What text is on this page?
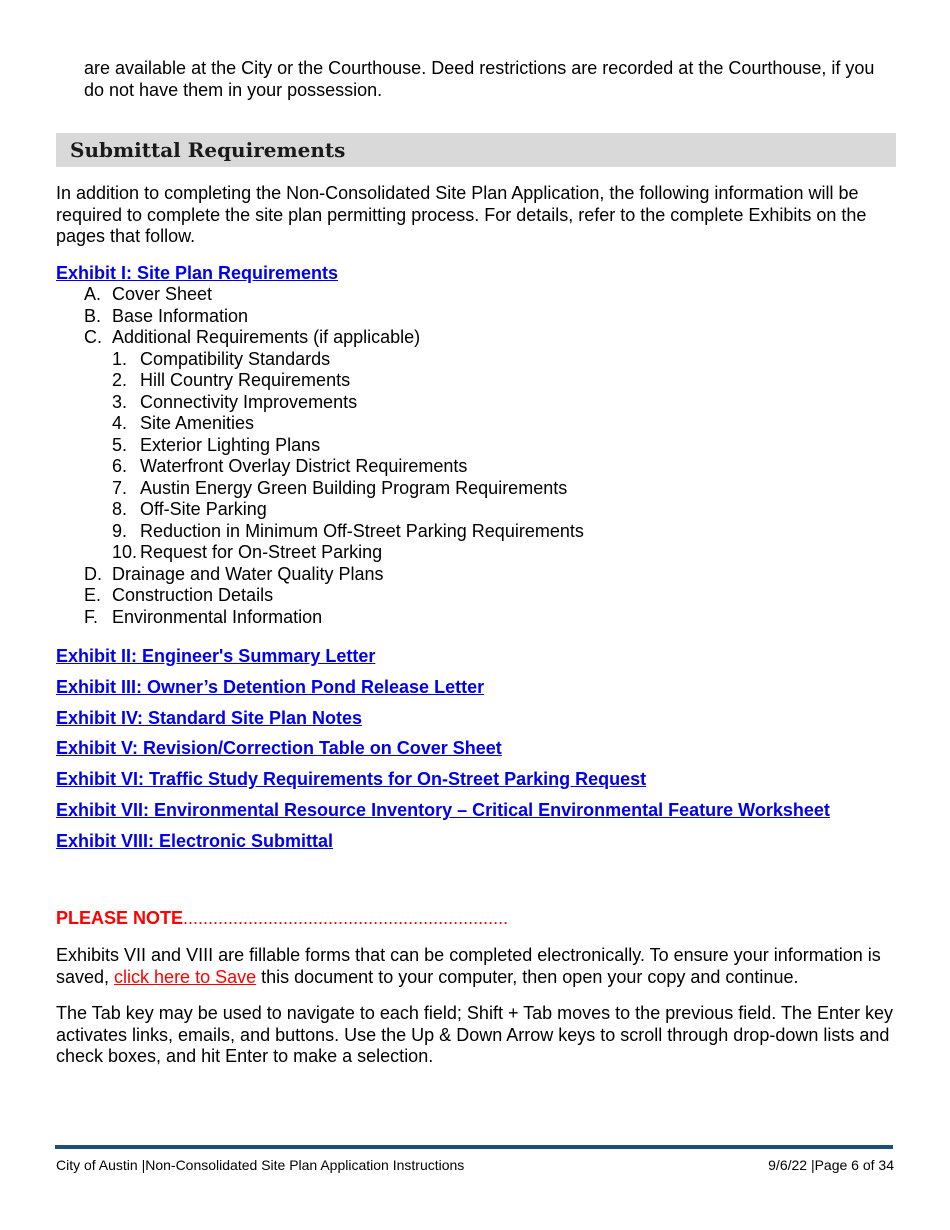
are available at the City or the Courthouse. Deed restrictions are recorded at the Courthouse, if you do not have them in your possession.
Submittal Requirements
In addition to completing the Non-Consolidated Site Plan Application, the following information will be required to complete the site plan permitting process. For details, refer to the complete Exhibits on the pages that follow.
Exhibit I: Site Plan Requirements
A. Cover Sheet
B. Base Information
C. Additional Requirements (if applicable)
1. Compatibility Standards
2. Hill Country Requirements
3. Connectivity Improvements
4. Site Amenities
5. Exterior Lighting Plans
6. Waterfront Overlay District Requirements
7. Austin Energy Green Building Program Requirements
8. Off-Site Parking
9. Reduction in Minimum Off-Street Parking Requirements
10. Request for On-Street Parking
D. Drainage and Water Quality Plans
E. Construction Details
F. Environmental Information
Exhibit II: Engineer's Summary Letter
Exhibit III: Owner’s Detention Pond Release Letter
Exhibit IV: Standard Site Plan Notes
Exhibit V: Revision/Correction Table on Cover Sheet
Exhibit VI: Traffic Study Requirements for On-Street Parking Request
Exhibit VII: Environmental Resource Inventory – Critical Environmental Feature Worksheet
Exhibit VIII: Electronic Submittal
PLEASE NOTE.................................................................
Exhibits VII and VIII are fillable forms that can be completed electronically. To ensure your information is saved, click here to Save this document to your computer, then open your copy and continue.
The Tab key may be used to navigate to each field; Shift + Tab moves to the previous field. The Enter key activates links, emails, and buttons. Use the Up & Down Arrow keys to scroll through drop-down lists and check boxes, and hit Enter to make a selection.
City of Austin |Non-Consolidated Site Plan Application Instructions	9/6/22 |Page 6 of 34
